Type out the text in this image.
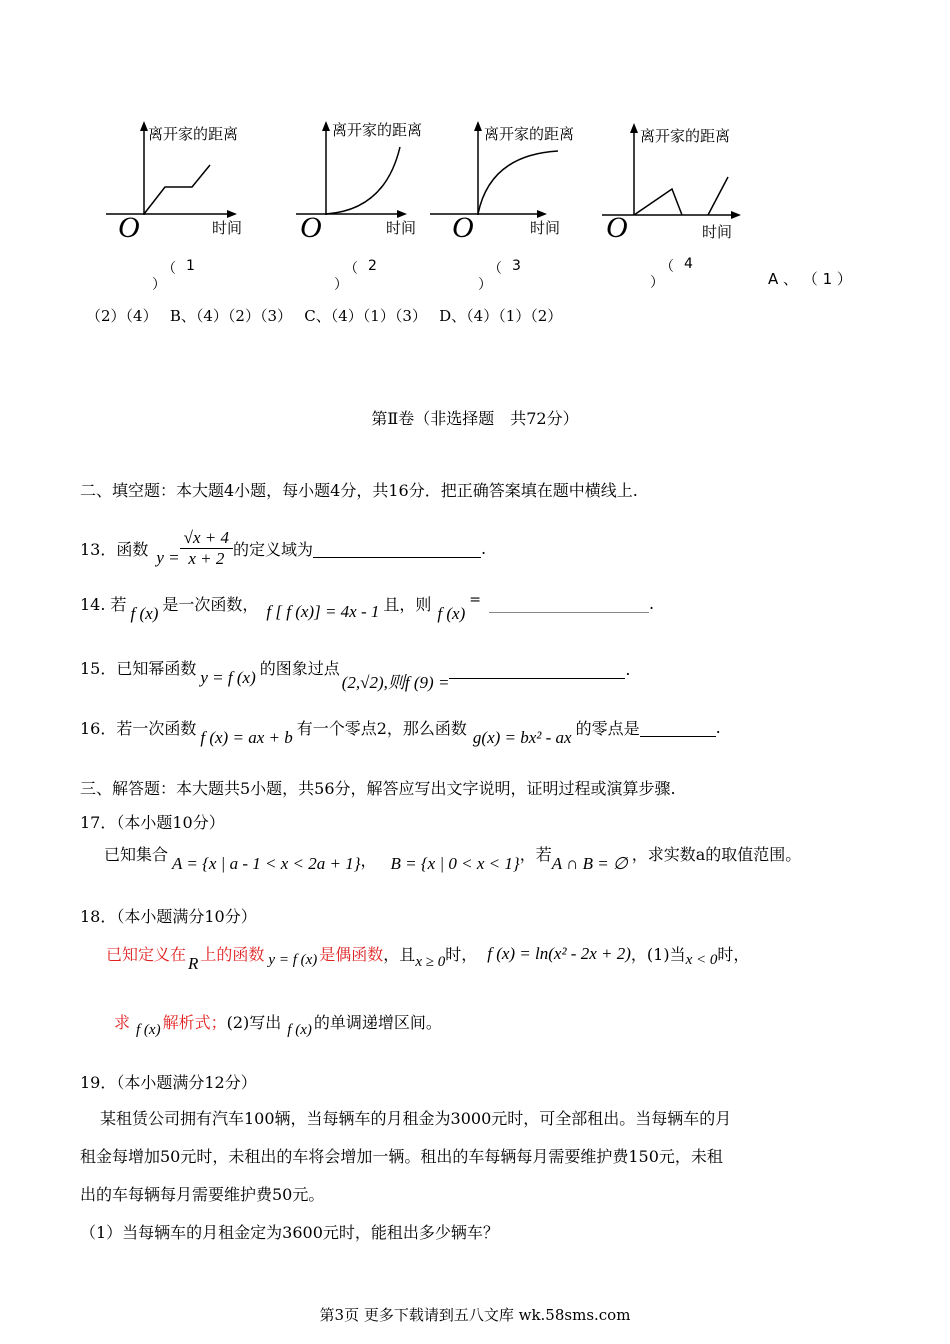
离开家的距离
时间
O
（ 1
）
离开家的距离
时间
O
（ 2
）
离开家的距离
时间
O
（ 3
）
离开家的距离
时间
O
（ 4
）	A 、 （ 1 ）
（2）（4）　 B、（4）（2）（3）　 C、（4）（1）（3）　 D、（4）（1）（2）
第Ⅱ卷（非选择题　共72分）
二、填空题：本大题4小题，每小题4分，共16分．把正确答案填在题中横线上.
13．函数 $y = \frac{√x + 4}{x + 2}$ 的定义域为	.
14. 若 f (x) 是一次函数， f [ f (x)] = 4x - 1 且，则 f (x)
=	.
15．已知幂函数 y = f (x) 的图象过点
(2,√2),则f (9) =
.
16．若一次函数 f (x) = ax + b 有一个零点2，那么函数 g(x) = bx² - ax 的零点是	.
三、解答题：本大题共5小题，共56分，解答应写出文字说明，证明过程或演算步骤.
17．（本小题10分）
已知集合 A = {x | a - 1 < x < 2a + 1} ， B = {x | 0 < x < 1} ，若 A ∩ B = ∅ ，求实数a的取值范围。
18．（本小题满分10分）
已知定义在 R 上的函数 y = f (x) 是偶函数 ，且 x ≥ 0 时， f (x) = ln(x² - 2x + 2) ，(1)当 x < 0 时，
求 f (x) 解析式； (2)写出 f (x) 的单调递增区间。
19．（本小题满分12分）
某租赁公司拥有汽车100辆，当每辆车的月租金为3000元时，可全部租出。当每辆车的月
租金每增加50元时，未租出的车将会增加一辆。租出的车每辆每月需要维护费150元，未租
出的车每辆每月需要维护费50元。
（1）当每辆车的月租金定为3600元时，能租出多少辆车？
第3页 更多下载请到五八文库 wk.58sms.com
